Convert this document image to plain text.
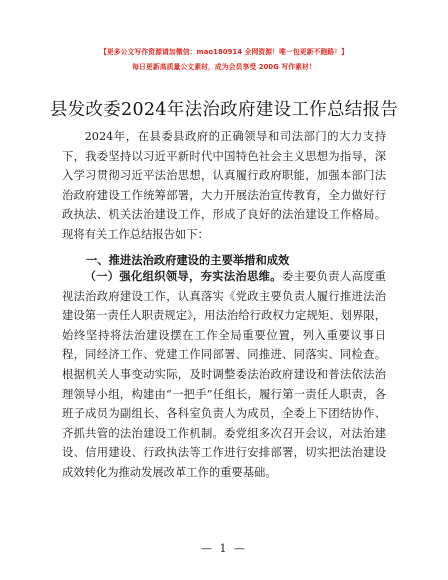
【更多公文写作资源请加微信：mao180914 全网资源！唯一包更新不跑路！】
每日更新高质量公文素材，成为会员享受 200G 写作素材！
县发改委2024年法治政府建设工作总结报告
2024年，在县委县政府的正确领导和司法部门的大力支持下，我委坚持以习近平新时代中国特色社会主义思想为指导，深入学习贯彻习近平法治思想，认真履行政府职能，加强本部门法治政府建设工作统筹部署，大力开展法治宣传教育，全力做好行政执法、机关法治建设工作，形成了良好的法治建设工作格局。现将有关工作总结报告如下：
一、推进法治政府建设的主要举措和成效
（一）强化组织领导，夯实法治思维。委主要负责人高度重视法治政府建设工作，认真落实《党政主要负责人履行推进法治建设第一责任人职责规定》，用法治给行政权力定规矩、划界限，始终坚持将法治建设摆在工作全局重要位置，列入重要议事日程，同经济工作、党建工作同部署、同推进、同落实、同检查。根据机关人事变动实际，及时调整委法治政府建设和普法依法治理领导小组，构建由“一把手”任组长，履行第一责任人职责，各班子成员为副组长、各科室负责人为成员，全委上下团结协作、齐抓共管的法治建设工作机制。委党组多次召开会议，对法治建设、信用建设、行政执法等工作进行安排部署，切实把法治建设成效转化为推动发展改革工作的重要基础。
— 1 —
